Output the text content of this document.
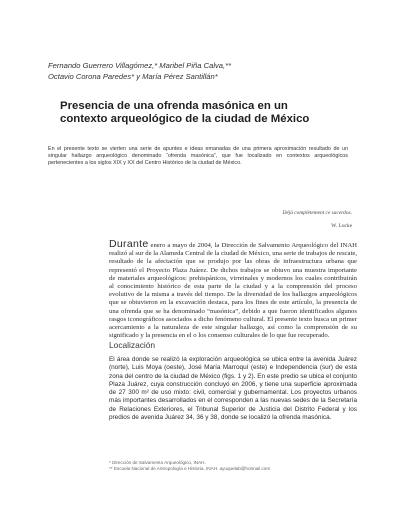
Fernando Guerrero Villagómez,* Maribel Piña Calva,**
Octavio Corona Paredes* y María Pérez Santillán*
Presencia de una ofrenda masónica en un contexto arqueológico de la ciudad de México

En el presente texto se vierten una serie de apuntes e ideas emanadas de una primera aproximación resultado de un singular hallazgo arqueológico denominado “ofrenda masónica”, que fue localizado en contextos arqueológicos pertenecientes a los siglos XIX y XX del Centro Histórico de la ciudad de México.

Déjà complètement ce sacerdos.
W. Lucke

Durante enero a mayo de 2004, la Dirección de Salvamento Arqueológico del INAH realizó al sur de la Alameda Central de la ciudad de México, una serie de trabajos de rescate, resultado de la afectación que se produjo por las obras de infraestructura urbana que representó el Proyecto Plaza Juárez. De dichos trabajos se obtuvo una muestra importante de materiales arqueológicos: prehispánicos, virreinales y modernos los cuales contribuirán al conocimiento histórico de esta parte de la ciudad y a la comprensión del proceso evolutivo de la misma a través del tiempo. De la diversidad de los hallazgos arqueológicos que se obtuvieron en la excavación destaca, para los fines de este artículo, la presencia de una ofrenda que se ha denominado “masónica”, debido a que fueron identificados algunos rasgos iconográficos asociados a dicho fenómeno cultural. El presente texto busca un primer acercamiento a la naturaleza de este singular hallazgo, así como la comprensión de su significado y la presencia en el o los consenso culturales de lo que fue recuperado.

Localización

El área donde se realizó la exploración arqueológica se ubica entre la avenida Juárez (norte), Luis Moya (oeste), José María Marroquí (este) e Independencia (sur) de esta zona del centro de la ciudad de México (figs. 1 y 2). En este predio se ubica el conjunto Plaza Juárez, cuya construcción concluyó en 2006, y tiene una superficie aproximada de 27 300 m² de uso mixto: civil, comercial y gubernamental. Los proyectos urbanos más importantes desarrollados en el corresponden a las nuevas sedes de la Secretaría de Relaciones Exteriores, el Tribunal Superior de Justicia del Distrito Federal y los predios de avenida Juárez 34, 36 y 38, donde se localizó la ofrenda masónica.

* Dirección de Salvamento Arqueológico, INAH.
** Escuela Nacional de Antropología e Historia, INAH. ayuquelab@hotmail.com
